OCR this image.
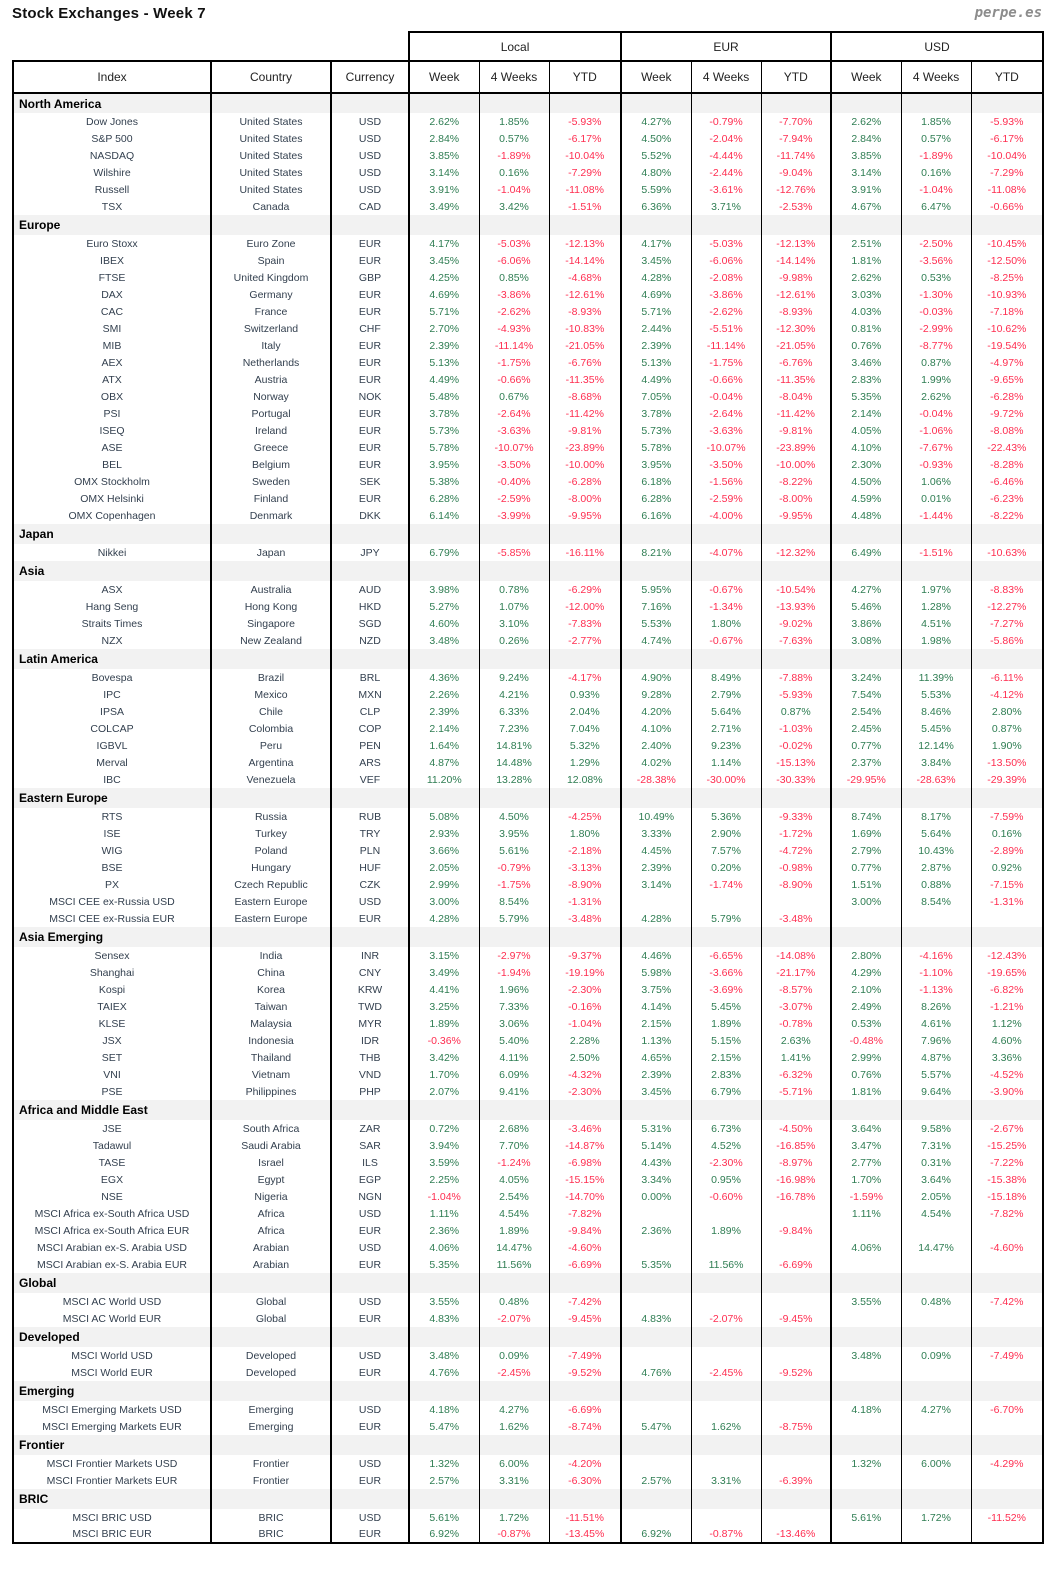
Stock Exchanges - Week 7	perpe.es
			Local			EUR			USD		
Index	Country	Currency	Week	4 Weeks	YTD	Week	4 Weeks	YTD	Week	4 Weeks	YTD
North America											
Dow Jones	United States	USD	2.62%	1.85%	-5.93%	4.27%	-0.79%	-7.70%	2.62%	1.85%	-5.93%
S&P 500	United States	USD	2.84%	0.57%	-6.17%	4.50%	-2.04%	-7.94%	2.84%	0.57%	-6.17%
NASDAQ	United States	USD	3.85%	-1.89%	-10.04%	5.52%	-4.44%	-11.74%	3.85%	-1.89%	-10.04%
Wilshire	United States	USD	3.14%	0.16%	-7.29%	4.80%	-2.44%	-9.04%	3.14%	0.16%	-7.29%
Russell	United States	USD	3.91%	-1.04%	-11.08%	5.59%	-3.61%	-12.76%	3.91%	-1.04%	-11.08%
TSX	Canada	CAD	3.49%	3.42%	-1.51%	6.36%	3.71%	-2.53%	4.67%	6.47%	-0.66%
Europe											
Euro Stoxx	Euro Zone	EUR	4.17%	-5.03%	-12.13%	4.17%	-5.03%	-12.13%	2.51%	-2.50%	-10.45%
IBEX	Spain	EUR	3.45%	-6.06%	-14.14%	3.45%	-6.06%	-14.14%	1.81%	-3.56%	-12.50%
FTSE	United Kingdom	GBP	4.25%	0.85%	-4.68%	4.28%	-2.08%	-9.98%	2.62%	0.53%	-8.25%
DAX	Germany	EUR	4.69%	-3.86%	-12.61%	4.69%	-3.86%	-12.61%	3.03%	-1.30%	-10.93%
CAC	France	EUR	5.71%	-2.62%	-8.93%	5.71%	-2.62%	-8.93%	4.03%	-0.03%	-7.18%
SMI	Switzerland	CHF	2.70%	-4.93%	-10.83%	2.44%	-5.51%	-12.30%	0.81%	-2.99%	-10.62%
MIB	Italy	EUR	2.39%	-11.14%	-21.05%	2.39%	-11.14%	-21.05%	0.76%	-8.77%	-19.54%
AEX	Netherlands	EUR	5.13%	-1.75%	-6.76%	5.13%	-1.75%	-6.76%	3.46%	0.87%	-4.97%
ATX	Austria	EUR	4.49%	-0.66%	-11.35%	4.49%	-0.66%	-11.35%	2.83%	1.99%	-9.65%
OBX	Norway	NOK	5.48%	0.67%	-8.68%	7.05%	-0.04%	-8.04%	5.35%	2.62%	-6.28%
PSI	Portugal	EUR	3.78%	-2.64%	-11.42%	3.78%	-2.64%	-11.42%	2.14%	-0.04%	-9.72%
ISEQ	Ireland	EUR	5.73%	-3.63%	-9.81%	5.73%	-3.63%	-9.81%	4.05%	-1.06%	-8.08%
ASE	Greece	EUR	5.78%	-10.07%	-23.89%	5.78%	-10.07%	-23.89%	4.10%	-7.67%	-22.43%
BEL	Belgium	EUR	3.95%	-3.50%	-10.00%	3.95%	-3.50%	-10.00%	2.30%	-0.93%	-8.28%
OMX Stockholm	Sweden	SEK	5.38%	-0.40%	-6.28%	6.18%	-1.56%	-8.22%	4.50%	1.06%	-6.46%
OMX Helsinki	Finland	EUR	6.28%	-2.59%	-8.00%	6.28%	-2.59%	-8.00%	4.59%	0.01%	-6.23%
OMX Copenhagen	Denmark	DKK	6.14%	-3.99%	-9.95%	6.16%	-4.00%	-9.95%	4.48%	-1.44%	-8.22%
Japan											
Nikkei	Japan	JPY	6.79%	-5.85%	-16.11%	8.21%	-4.07%	-12.32%	6.49%	-1.51%	-10.63%
Asia											
ASX	Australia	AUD	3.98%	0.78%	-6.29%	5.95%	-0.67%	-10.54%	4.27%	1.97%	-8.83%
Hang Seng	Hong Kong	HKD	5.27%	1.07%	-12.00%	7.16%	-1.34%	-13.93%	5.46%	1.28%	-12.27%
Straits Times	Singapore	SGD	4.60%	3.10%	-7.83%	5.53%	1.80%	-9.02%	3.86%	4.51%	-7.27%
NZX	New Zealand	NZD	3.48%	0.26%	-2.77%	4.74%	-0.67%	-7.63%	3.08%	1.98%	-5.86%
Latin America											
Bovespa	Brazil	BRL	4.36%	9.24%	-4.17%	4.90%	8.49%	-7.88%	3.24%	11.39%	-6.11%
IPC	Mexico	MXN	2.26%	4.21%	0.93%	9.28%	2.79%	-5.93%	7.54%	5.53%	-4.12%
IPSA	Chile	CLP	2.39%	6.33%	2.04%	4.20%	5.64%	0.87%	2.54%	8.46%	2.80%
COLCAP	Colombia	COP	2.14%	7.23%	7.04%	4.10%	2.71%	-1.03%	2.45%	5.45%	0.87%
IGBVL	Peru	PEN	1.64%	14.81%	5.32%	2.40%	9.23%	-0.02%	0.77%	12.14%	1.90%
Merval	Argentina	ARS	4.87%	14.48%	1.29%	4.02%	1.14%	-15.13%	2.37%	3.84%	-13.50%
IBC	Venezuela	VEF	11.20%	13.28%	12.08%	-28.38%	-30.00%	-30.33%	-29.95%	-28.63%	-29.39%
Eastern Europe											
RTS	Russia	RUB	5.08%	4.50%	-4.25%	10.49%	5.36%	-9.33%	8.74%	8.17%	-7.59%
ISE	Turkey	TRY	2.93%	3.95%	1.80%	3.33%	2.90%	-1.72%	1.69%	5.64%	0.16%
WIG	Poland	PLN	3.66%	5.61%	-2.18%	4.45%	7.57%	-4.72%	2.79%	10.43%	-2.89%
BSE	Hungary	HUF	2.05%	-0.79%	-3.13%	2.39%	0.20%	-0.98%	0.77%	2.87%	0.92%
PX	Czech Republic	CZK	2.99%	-1.75%	-8.90%	3.14%	-1.74%	-8.90%	1.51%	0.88%	-7.15%
MSCI CEE ex-Russia USD	Eastern Europe	USD	3.00%	8.54%	-1.31%				3.00%	8.54%	-1.31%
MSCI CEE ex-Russia EUR	Eastern Europe	EUR	4.28%	5.79%	-3.48%	4.28%	5.79%	-3.48%			
Asia Emerging											
Sensex	India	INR	3.15%	-2.97%	-9.37%	4.46%	-6.65%	-14.08%	2.80%	-4.16%	-12.43%
Shanghai	China	CNY	3.49%	-1.94%	-19.19%	5.98%	-3.66%	-21.17%	4.29%	-1.10%	-19.65%
Kospi	Korea	KRW	4.41%	1.96%	-2.30%	3.75%	-3.69%	-8.57%	2.10%	-1.13%	-6.82%
TAIEX	Taiwan	TWD	3.25%	7.33%	-0.16%	4.14%	5.45%	-3.07%	2.49%	8.26%	-1.21%
KLSE	Malaysia	MYR	1.89%	3.06%	-1.04%	2.15%	1.89%	-0.78%	0.53%	4.61%	1.12%
JSX	Indonesia	IDR	-0.36%	5.40%	2.28%	1.13%	5.15%	2.63%	-0.48%	7.96%	4.60%
SET	Thailand	THB	3.42%	4.11%	2.50%	4.65%	2.15%	1.41%	2.99%	4.87%	3.36%
VNI	Vietnam	VND	1.70%	6.09%	-4.32%	2.39%	2.83%	-6.32%	0.76%	5.57%	-4.52%
PSE	Philippines	PHP	2.07%	9.41%	-2.30%	3.45%	6.79%	-5.71%	1.81%	9.64%	-3.90%
Africa and Middle East											
JSE	South Africa	ZAR	0.72%	2.68%	-3.46%	5.31%	6.73%	-4.50%	3.64%	9.58%	-2.67%
Tadawul	Saudi Arabia	SAR	3.94%	7.70%	-14.87%	5.14%	4.52%	-16.85%	3.47%	7.31%	-15.25%
TASE	Israel	ILS	3.59%	-1.24%	-6.98%	4.43%	-2.30%	-8.97%	2.77%	0.31%	-7.22%
EGX	Egypt	EGP	2.25%	4.05%	-15.15%	3.34%	0.95%	-16.98%	1.70%	3.64%	-15.38%
NSE	Nigeria	NGN	-1.04%	2.54%	-14.70%	0.00%	-0.60%	-16.78%	-1.59%	2.05%	-15.18%
MSCI Africa ex-South Africa USD	Africa	USD	1.11%	4.54%	-7.82%				1.11%	4.54%	-7.82%
MSCI Africa ex-South Africa EUR	Africa	EUR	2.36%	1.89%	-9.84%	2.36%	1.89%	-9.84%			
MSCI Arabian ex-S. Arabia USD	Arabian	USD	4.06%	14.47%	-4.60%				4.06%	14.47%	-4.60%
MSCI Arabian ex-S. Arabia EUR	Arabian	EUR	5.35%	11.56%	-6.69%	5.35%	11.56%	-6.69%			
Global											
MSCI AC World USD	Global	USD	3.55%	0.48%	-7.42%				3.55%	0.48%	-7.42%
MSCI AC World EUR	Global	EUR	4.83%	-2.07%	-9.45%	4.83%	-2.07%	-9.45%			
Developed											
MSCI World USD	Developed	USD	3.48%	0.09%	-7.49%				3.48%	0.09%	-7.49%
MSCI World EUR	Developed	EUR	4.76%	-2.45%	-9.52%	4.76%	-2.45%	-9.52%			
Emerging											
MSCI Emerging Markets USD	Emerging	USD	4.18%	4.27%	-6.69%				4.18%	4.27%	-6.70%
MSCI Emerging Markets EUR	Emerging	EUR	5.47%	1.62%	-8.74%	5.47%	1.62%	-8.75%			
Frontier											
MSCI Frontier Markets USD	Frontier	USD	1.32%	6.00%	-4.20%				1.32%	6.00%	-4.29%
MSCI Frontier Markets EUR	Frontier	EUR	2.57%	3.31%	-6.30%	2.57%	3.31%	-6.39%			
BRIC											
MSCI BRIC USD	BRIC	USD	5.61%	1.72%	-11.51%				5.61%	1.72%	-11.52%
MSCI BRIC EUR	BRIC	EUR	6.92%	-0.87%	-13.45%	6.92%	-0.87%	-13.46%			
